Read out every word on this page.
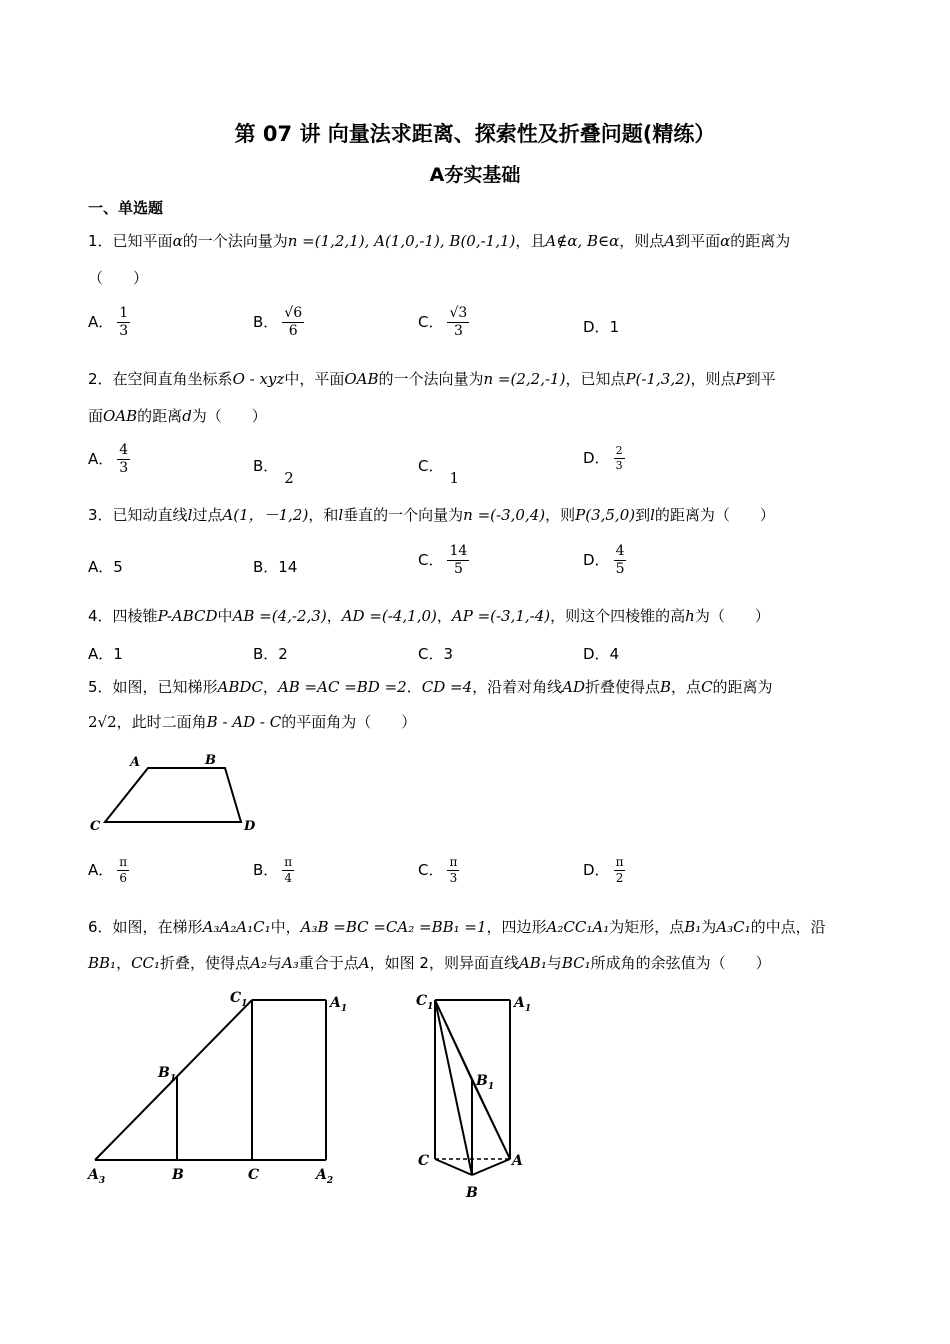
第 07 讲 向量法求距离、探索性及折叠问题(精练）
A夯实基础
一、单选题
1．已知平面α的一个法向量为n =(1,2,1), A(1,0,-1), B(0,-1,1)，且A∉α, B∈α，则点A到平面α的距离为
（　　）
A． $\frac{1}{3}$	B． $\frac{√6}{6}$	C． $\frac{√3}{3}$	D．1
2．在空间直角坐标系O - xyz中，平面OAB的一个法向量为n =(2,2,-1)，已知点P(-1,3,2)，则点P到平
面OAB的距离d为（　　）
A． $\frac{4}{3}$	B．2
C．1
D． $\frac{2}{3}$
3．已知动直线l过点A(1，－1,2)，和l垂直的一个向量为n =(-3,0,4)，则P(3,5,0)到l的距离为（　　）
A．5	B．14	C． $\frac{14}{5}$	D． $\frac{4}{5}$
4．四棱锥P-ABCD中AB =(4,-2,3)，AD =(-4,1,0)，AP =(-3,1,-4)，则这个四棱锥的高h为（　　）
A．1	B．2	C．3	D．4
5．如图，已知梯形ABDC，AB =AC =BD =2．CD =4，沿着对角线AD折叠使得点B，点C的距离为
2√2，此时二面角B - AD - C的平面角为（　　）
A	B
C	D
A． $\frac{\pi}{6}$	B． $\frac{\pi}{4}$	C． $\frac{\pi}{3}$	D． $\frac{\pi}{2}$
6．如图，在梯形A₃A₂A₁C₁中，A₃B =BC =CA₂ =BB₁ =1，四边形A₂CC₁A₁为矩形，点B₁为A₃C₁的中点，沿
BB₁，CC₁折叠，使得点A₂与A₃重合于点A，如图 2，则异面直线AB₁与BC₁所成角的余弦值为（　　）
$C_1$	$A_1$
$B_1$
$A_3$	B	C	$A_2$
$C_1$	$A_1$
$B_1$
C	A
B
